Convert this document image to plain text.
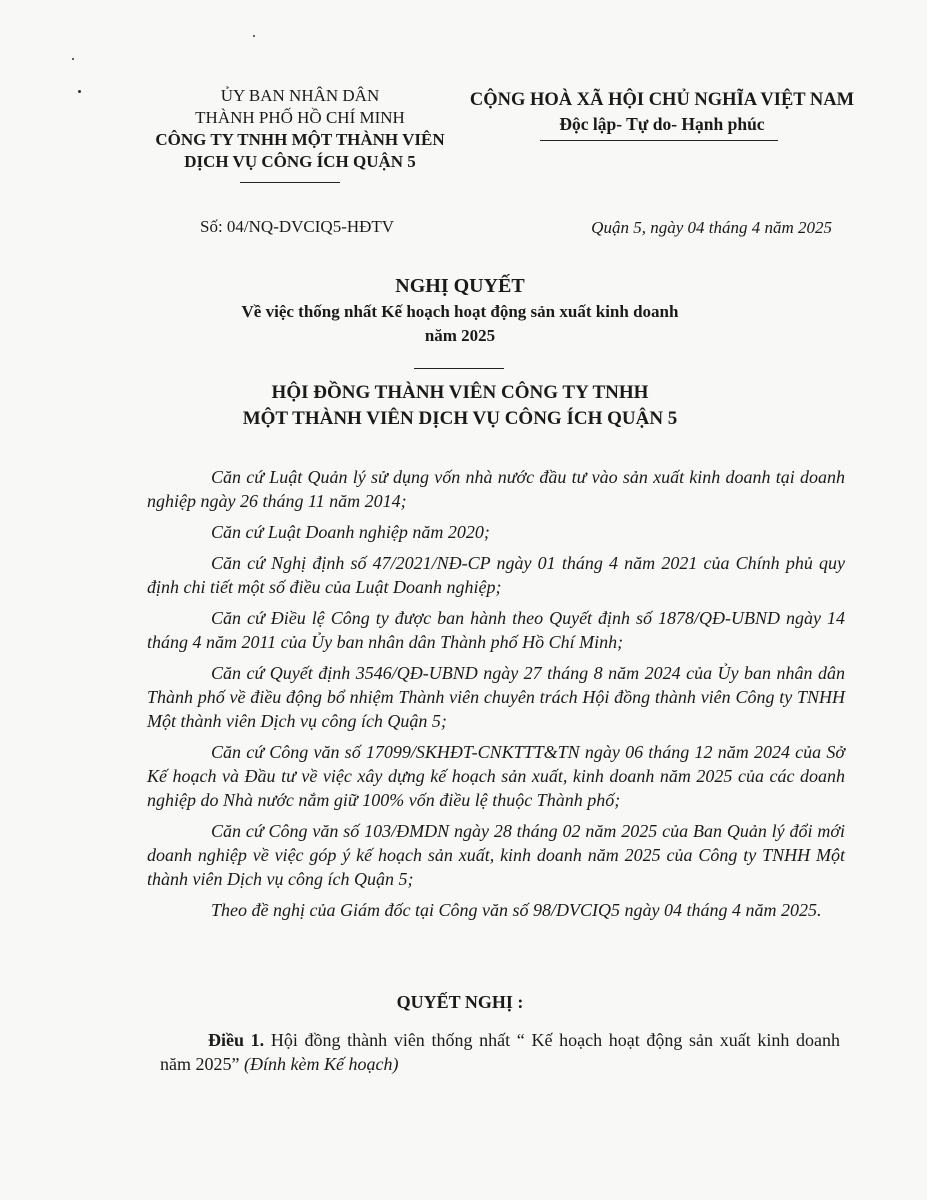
ỦY BAN NHÂN DÂN
THÀNH PHỐ HỒ CHÍ MINH
CÔNG TY TNHH MỘT THÀNH VIÊN
DỊCH VỤ CÔNG ÍCH QUẬN 5
CỘNG HOÀ XÃ HỘI CHỦ NGHĨA VIỆT NAM
Độc lập- Tự do- Hạnh phúc
Số: 04/NQ-DVCIQ5-HĐTV	Quận 5, ngày 04 tháng 4 năm 2025
NGHỊ QUYẾT
Về việc thống nhất Kế hoạch hoạt động sản xuất kinh doanh
năm 2025
HỘI ĐỒNG THÀNH VIÊN CÔNG TY TNHH
MỘT THÀNH VIÊN DỊCH VỤ CÔNG ÍCH QUẬN 5

Căn cứ Luật Quản lý sử dụng vốn nhà nước đầu tư vào sản xuất kinh doanh tại doanh nghiệp ngày 26 tháng 11 năm 2014;

Căn cứ Luật Doanh nghiệp năm 2020;

Căn cứ Nghị định số 47/2021/NĐ-CP ngày 01 tháng 4 năm 2021 của Chính phủ quy định chi tiết một số điều của Luật Doanh nghiệp;

Căn cứ Điều lệ Công ty được ban hành theo Quyết định số 1878/QĐ-UBND ngày 14 tháng 4 năm 2011 của Ủy ban nhân dân Thành phố Hồ Chí Minh;

Căn cứ Quyết định 3546/QĐ-UBND ngày 27 tháng 8 năm 2024 của Ủy ban nhân dân Thành phố về điều động bổ nhiệm Thành viên chuyên trách Hội đồng thành viên Công ty TNHH Một thành viên Dịch vụ công ích Quận 5;

Căn cứ Công văn số 17099/SKHĐT-CNKTTT&TN ngày 06 tháng 12 năm 2024 của Sở Kế hoạch và Đầu tư về việc xây dựng kế hoạch sản xuất, kinh doanh năm 2025 của các doanh nghiệp do Nhà nước nắm giữ 100% vốn điều lệ thuộc Thành phố;

Căn cứ Công văn số 103/ĐMDN ngày 28 tháng 02 năm 2025 của Ban Quản lý đổi mới doanh nghiệp về việc góp ý kế hoạch sản xuất, kinh doanh năm 2025 của Công ty TNHH Một thành viên Dịch vụ công ích Quận 5;

Theo đề nghị của Giám đốc tại Công văn số 98/DVCIQ5 ngày 04 tháng 4 năm 2025.

QUYẾT NGHỊ :
Điều 1. Hội đồng thành viên thống nhất “ Kế hoạch hoạt động sản xuất kinh doanh năm 2025” (Đính kèm Kế hoạch)
